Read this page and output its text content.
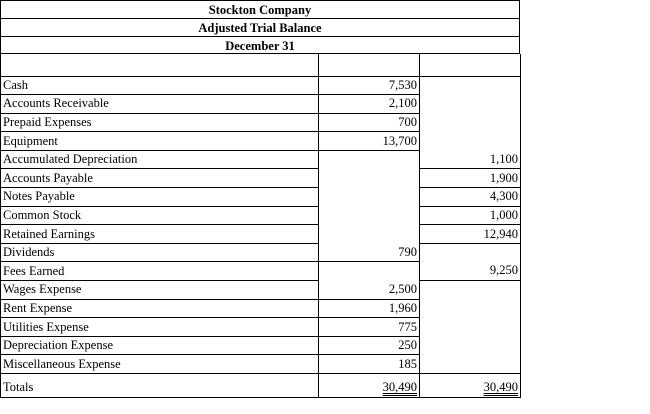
Stockton Company
Adjusted Trial Balance
December 31

Cash	7,530	
Accounts Receivable	2,100	
Prepaid Expenses	700	
Equipment	13,700	
Accumulated Depreciation		1,100
Accounts Payable		1,900
Notes Payable		4,300
Common Stock		1,000
Retained Earnings		12,940
Dividends	790	
Fees Earned		9,250
Wages Expense	2,500	
Rent Expense	1,960	
Utilities Expense	775	
Depreciation Expense	250	
Miscellaneous Expense	185	
Totals	30,490	30,490
